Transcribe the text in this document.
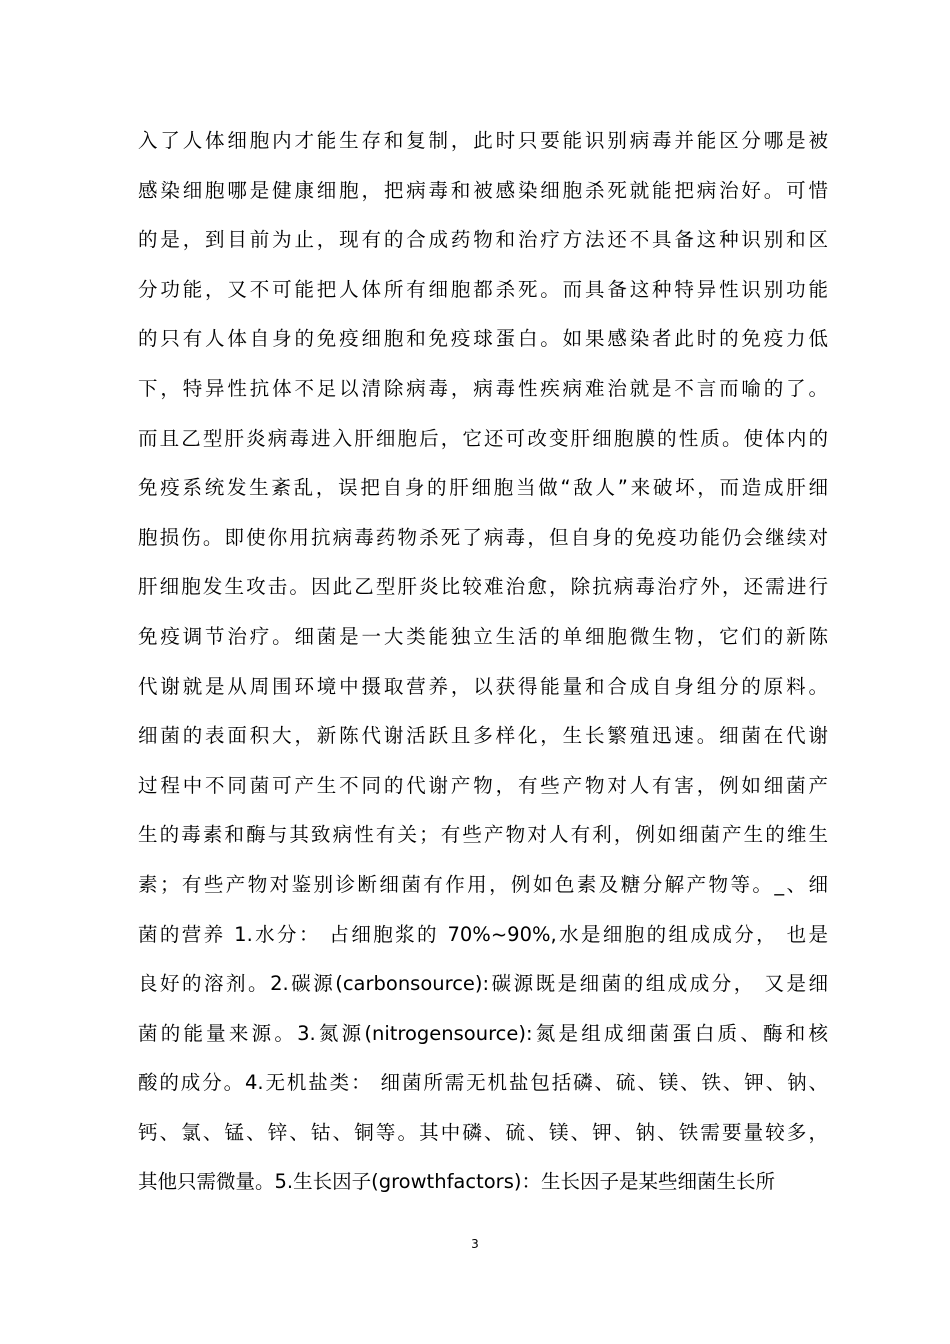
入了人体细胞内才能生存和复制，此时只要能识别病毒并能区分哪是被
感染细胞哪是健康细胞，把病毒和被感染细胞杀死就能把病治好。可惜
的是，到目前为止，现有的合成药物和治疗方法还不具备这种识别和区
分功能，又不可能把人体所有细胞都杀死。而具备这种特异性识别功能
的只有人体自身的免疫细胞和免疫球蛋白。如果感染者此时的免疫力低
下，特异性抗体不足以清除病毒，病毒性疾病难治就是不言而喻的了。
而且乙型肝炎病毒进入肝细胞后，它还可改变肝细胞膜的性质。使体内的
免疫系统发生紊乱，误把自身的肝细胞当做“敌人”来破坏，而造成肝细
胞损伤。即使你用抗病毒药物杀死了病毒，但自身的免疫功能仍会继续对
肝细胞发生攻击。因此乙型肝炎比较难治愈，除抗病毒治疗外，还需进行
免疫调节治疗。细菌是一大类能独立生活的单细胞微生物，它们的新陈
代谢就是从周围环境中摄取营养，以获得能量和合成自身组分的原料。
细菌的表面积大，新陈代谢活跃且多样化，生长繁殖迅速。细菌在代谢
过程中不同菌可产生不同的代谢产物，有些产物对人有害，例如细菌产
生的毒素和酶与其致病性有关；有些产物对人有利，例如细菌产生的维生
素；有些产物对鉴别诊断细菌有作用，例如色素及糖分解产物等。_、细
菌的营养 1.水分： 占细胞浆的 70%~90%,水是细胞的组成成分， 也是
良好的溶剂。2.碳源(carbonsource):碳源既是细菌的组成成分， 又是细
菌的能量来源。3.氮源(nitrogensource):氮是组成细菌蛋白质、酶和核
酸的成分。4.无机盐类： 细菌所需无机盐包括磷、硫、镁、铁、钾、钠、
钙、氯、锰、锌、钴、铜等。其中磷、硫、镁、钾、钠、铁需要量较多，
其他只需微量。5.生长因子(growthfactors)：生长因子是某些细菌生长所
3
